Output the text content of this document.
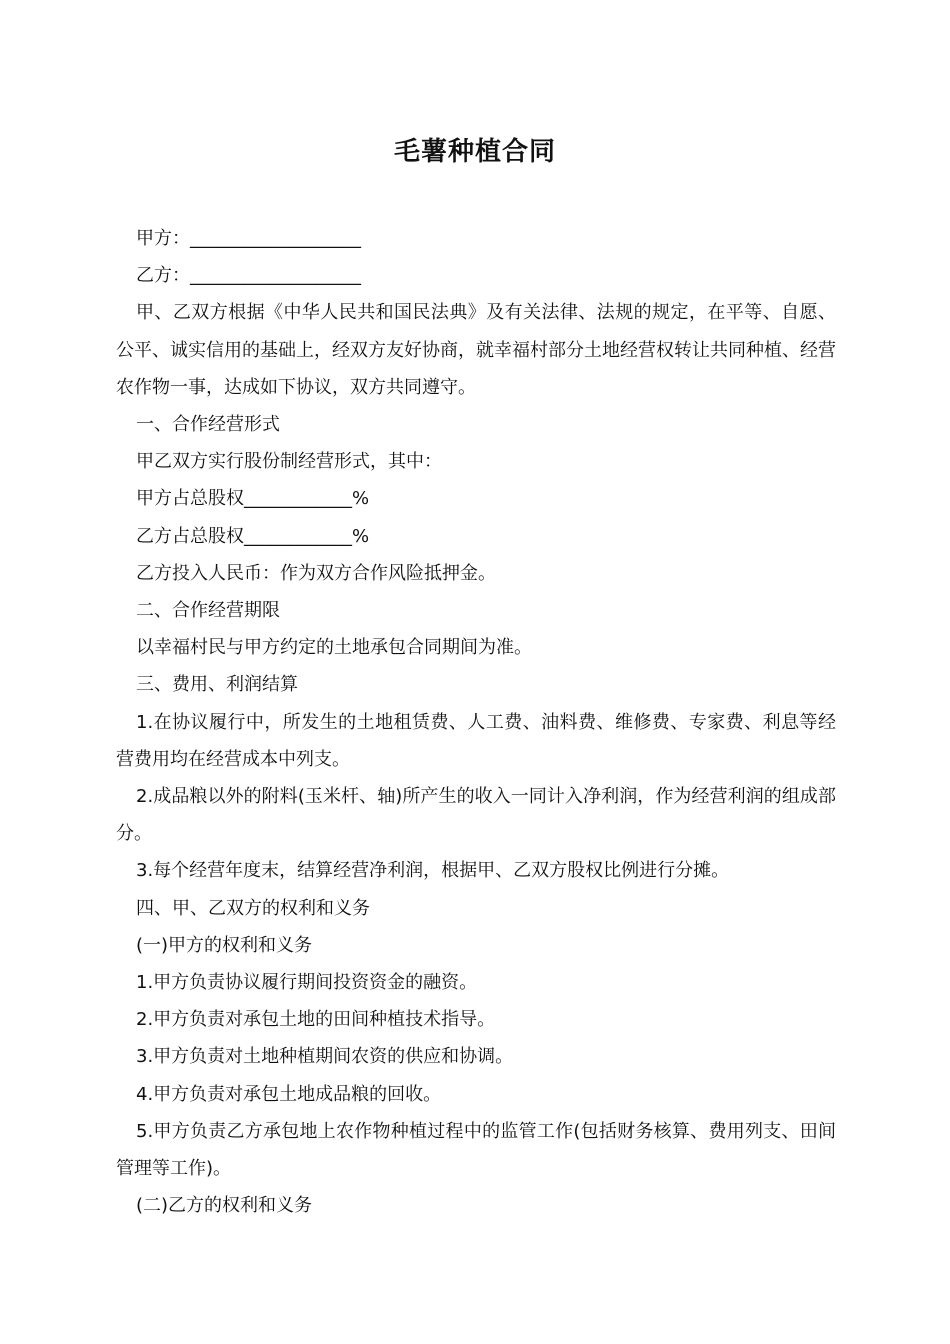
毛薯种植合同

甲方：___________________

乙方：___________________

甲、乙双方根据《中华人民共和国民法典》及有关法律、法规的规定，在平等、自愿、公平、诚实信用的基础上，经双方友好协商，就幸福村部分土地经营权转让共同种植、经营农作物一事，达成如下协议，双方共同遵守。

一、合作经营形式

甲乙双方实行股份制经营形式，其中：

甲方占总股权____________%

乙方占总股权____________%

乙方投入人民币：作为双方合作风险抵押金。

二、合作经营期限

以幸福村民与甲方约定的土地承包合同期间为准。

三、费用、利润结算

1.在协议履行中，所发生的土地租赁费、人工费、油料费、维修费、专家费、利息等经营费用均在经营成本中列支。

2.成品粮以外的附料(玉米杆、轴)所产生的收入一同计入净利润，作为经营利润的组成部分。

3.每个经营年度末，结算经营净利润，根据甲、乙双方股权比例进行分摊。

四、甲、乙双方的权利和义务

(一)甲方的权利和义务

1.甲方负责协议履行期间投资资金的融资。

2.甲方负责对承包土地的田间种植技术指导。

3.甲方负责对土地种植期间农资的供应和协调。

4.甲方负责对承包土地成品粮的回收。

5.甲方负责乙方承包地上农作物种植过程中的监管工作(包括财务核算、费用列支、田间管理等工作)。

(二)乙方的权利和义务
